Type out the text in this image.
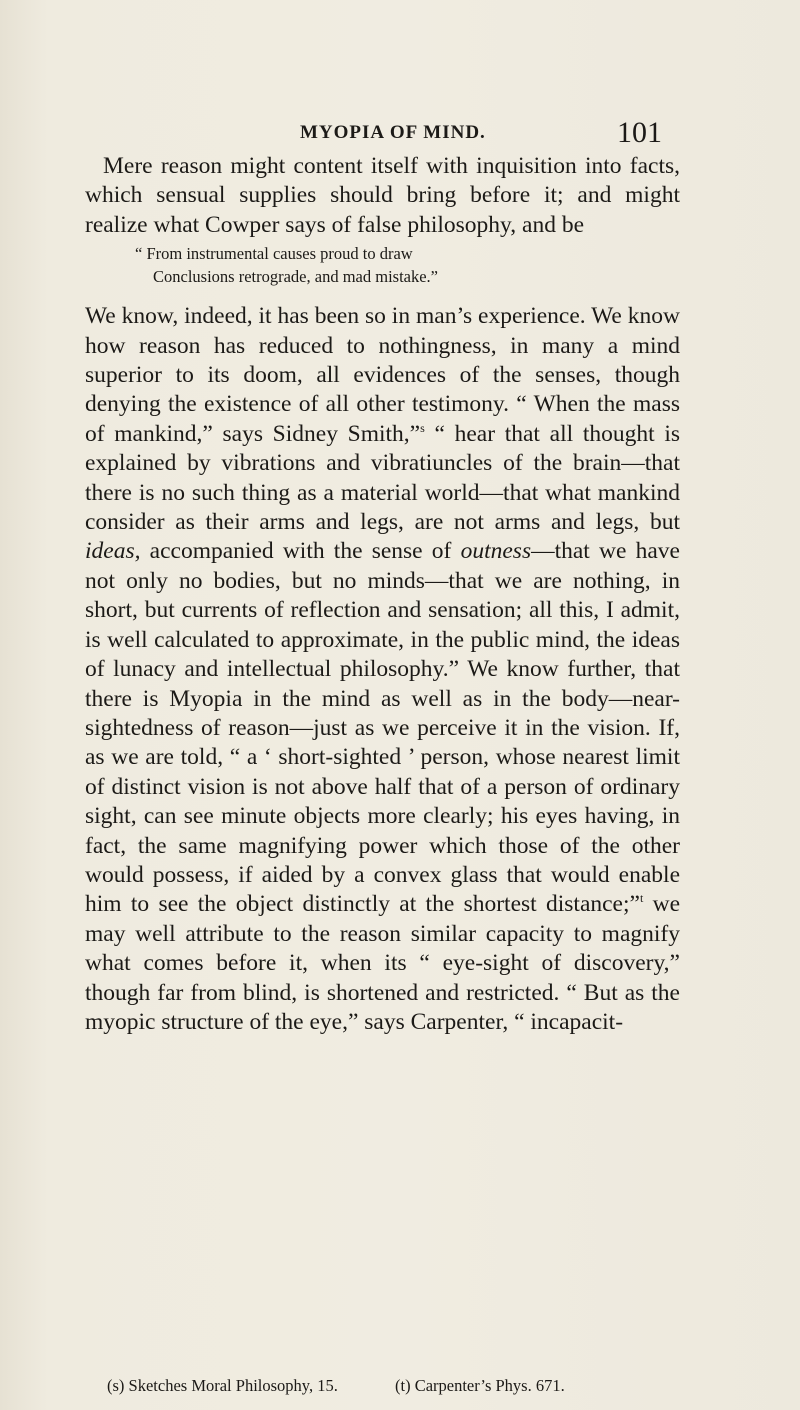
MYOPIA OF MIND.	101

Mere reason might content itself with inquisition into facts, which sensual supplies should bring before it; and might realize what Cowper says of false philosophy, and be

“ From instrumental causes proud to draw
Conclusions retrograde, and mad mistake.”

We know, indeed, it has been so in man’s experience. We know how reason has reduced to nothingness, in many a mind superior to its doom, all evidences of the senses, though denying the existence of all other testimony. “ When the mass of mankind,” says Sidney Smith,”$^s$ “ hear that all thought is explained by vibrations and vibratiuncles of the brain—that there is no such thing as a material world—that what mankind consider as their arms and legs, are not arms and legs, but ideas, accompanied with the sense of outness—that we have not only no bodies, but no minds—that we are nothing, in short, but currents of reflection and sensation; all this, I admit, is well calculated to approximate, in the public mind, the ideas of lunacy and intellectual philosophy.” We know further, that there is Myopia in the mind as well as in the body—near-sightedness of reason—just as we perceive it in the vision. If, as we are told, “ a ‘ short-sighted ’ person, whose nearest limit of distinct vision is not above half that of a person of ordinary sight, can see minute objects more clearly; his eyes having, in fact, the same magnifying power which those of the other would possess, if aided by a convex glass that would enable him to see the object distinctly at the shortest distance;”$^t$ we may well attribute to the reason similar capacity to magnify what comes before it, when its “ eye-sight of discovery,” though far from blind, is shortened and restricted. “ But as the myopic structure of the eye,” says Carpenter, “ incapacit-

(s) Sketches Moral Philosophy, 15.	(t) Carpenter’s Phys. 671.
